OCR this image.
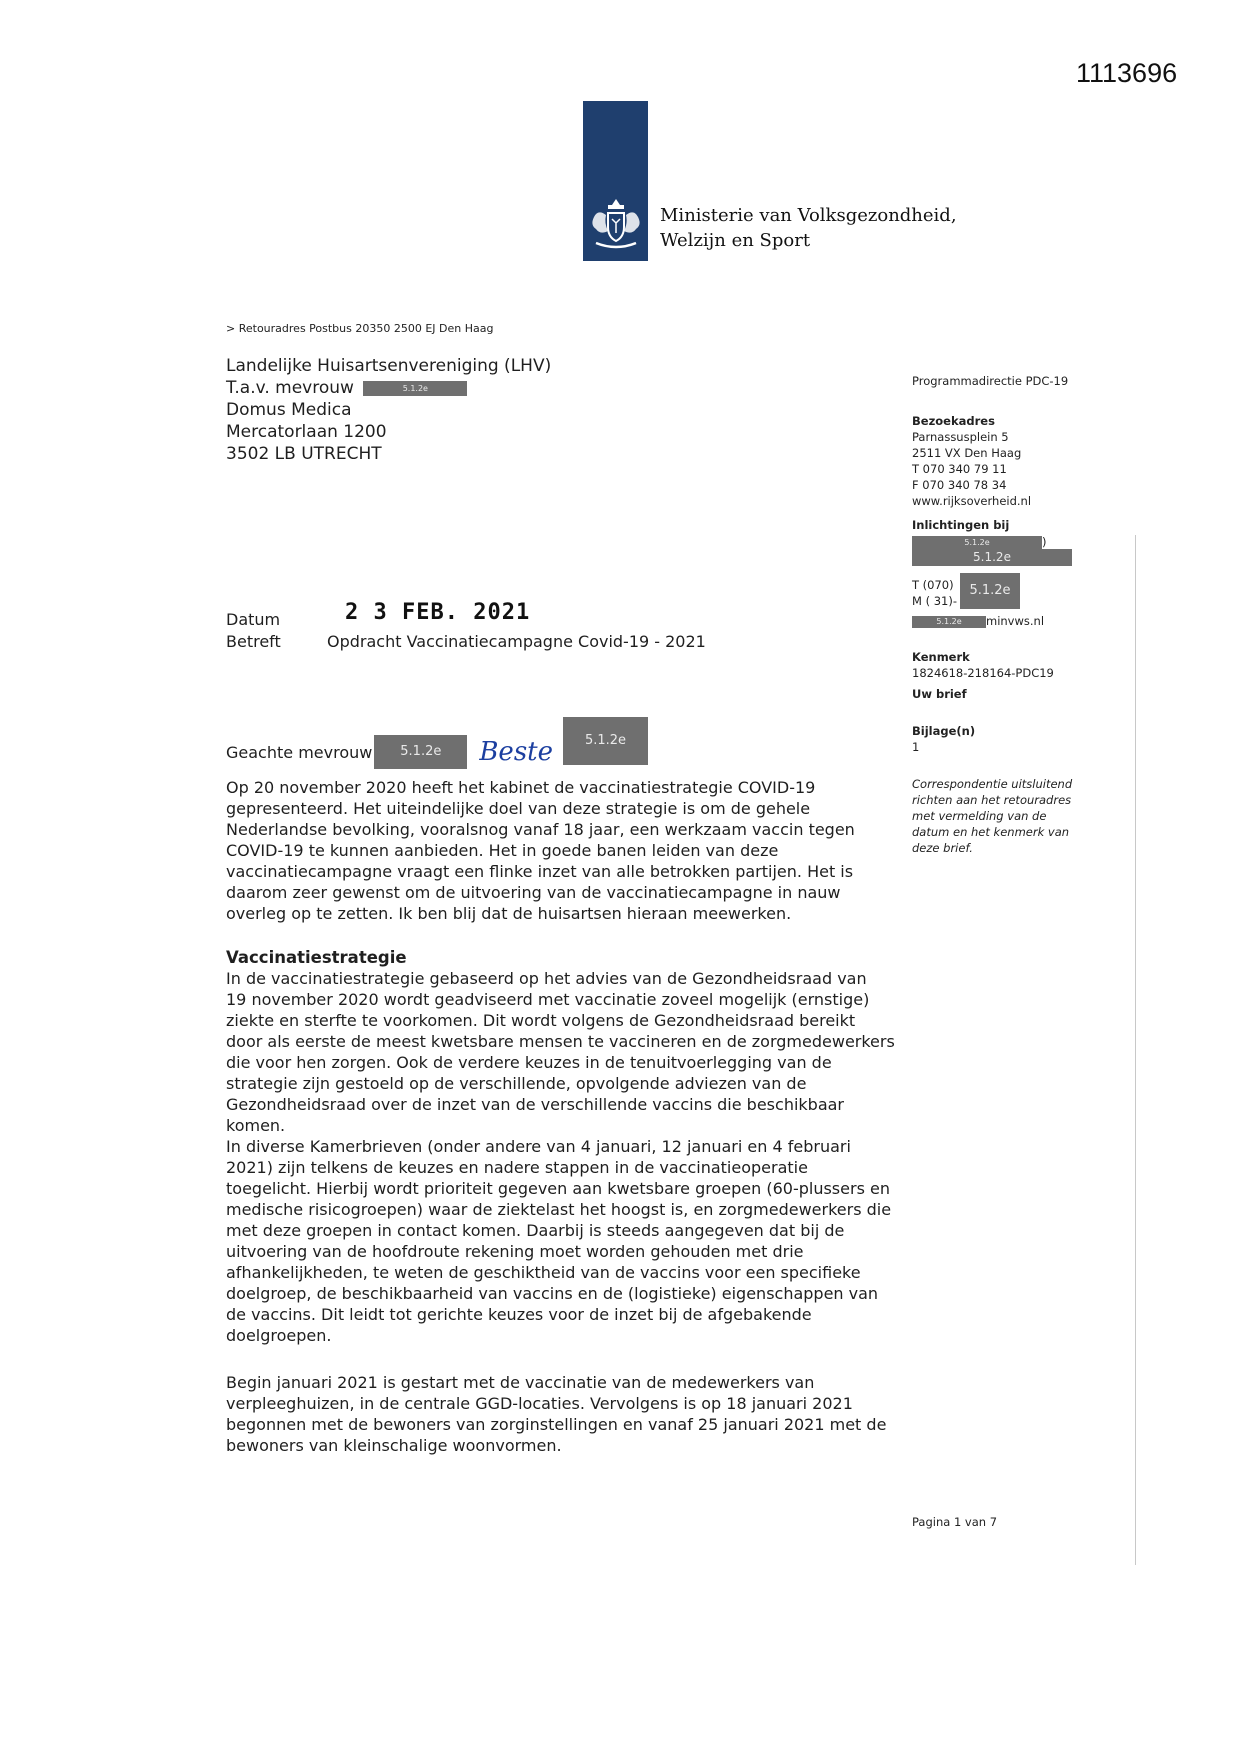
1113696
Ministerie van Volksgezondheid,
Welzijn en Sport
> Retouradres Postbus 20350 2500 EJ Den Haag
Landelijke Huisartsenvereniging (LHV)
T.a.v. mevrouw	5.1.2e
Domus Medica
Mercatorlaan 1200
3502 LB UTRECHT
Programmadirectie PDC-19
Bezoekadres
Parnassusplein 5
2511 VX Den Haag
T 070 340 79 11
F 070 340 78 34
www.rijksoverheid.nl
Inlichtingen bij
5.1.2e	)
5.1.2e
T (070)
M ( 31)-
5.1.2e
5.1.2e minvws.nl
Kenmerk
1824618-218164-PDC19
Uw brief
Bijlage(n)
1
Correspondentie uitsluitend
richten aan het retouradres
met vermelding van de
datum en het kenmerk van
deze brief.
Datum	2 3 FEB. 2021
Betreft	Opdracht Vaccinatiecampagne Covid-19 - 2021
Geachte mevrouw	5.1.2e	Beste	5.1.2e
Op 20 november 2020 heeft het kabinet de vaccinatiestrategie COVID-19
gepresenteerd. Het uiteindelijke doel van deze strategie is om de gehele
Nederlandse bevolking, vooralsnog vanaf 18 jaar, een werkzaam vaccin tegen
COVID-19 te kunnen aanbieden. Het in goede banen leiden van deze
vaccinatiecampagne vraagt een flinke inzet van alle betrokken partijen. Het is
daarom zeer gewenst om de uitvoering van de vaccinatiecampagne in nauw
overleg op te zetten. Ik ben blij dat de huisartsen hieraan meewerken.
Vaccinatiestrategie
In de vaccinatiestrategie gebaseerd op het advies van de Gezondheidsraad van
19 november 2020 wordt geadviseerd met vaccinatie zoveel mogelijk (ernstige)
ziekte en sterfte te voorkomen. Dit wordt volgens de Gezondheidsraad bereikt
door als eerste de meest kwetsbare mensen te vaccineren en de zorgmedewerkers
die voor hen zorgen. Ook de verdere keuzes in de tenuitvoerlegging van de
strategie zijn gestoeld op de verschillende, opvolgende adviezen van de
Gezondheidsraad over de inzet van de verschillende vaccins die beschikbaar
komen.
In diverse Kamerbrieven (onder andere van 4 januari, 12 januari en 4 februari
2021) zijn telkens de keuzes en nadere stappen in de vaccinatieoperatie
toegelicht. Hierbij wordt prioriteit gegeven aan kwetsbare groepen (60-plussers en
medische risicogroepen) waar de ziektelast het hoogst is, en zorgmedewerkers die
met deze groepen in contact komen. Daarbij is steeds aangegeven dat bij de
uitvoering van de hoofdroute rekening moet worden gehouden met drie
afhankelijkheden, te weten de geschiktheid van de vaccins voor een specifieke
doelgroep, de beschikbaarheid van vaccins en de (logistieke) eigenschappen van
de vaccins. Dit leidt tot gerichte keuzes voor de inzet bij de afgebakende
doelgroepen.
Begin januari 2021 is gestart met de vaccinatie van de medewerkers van
verpleeghuizen, in de centrale GGD-locaties. Vervolgens is op 18 januari 2021
begonnen met de bewoners van zorginstellingen en vanaf 25 januari 2021 met de
bewoners van kleinschalige woonvormen.
Pagina 1 van 7
